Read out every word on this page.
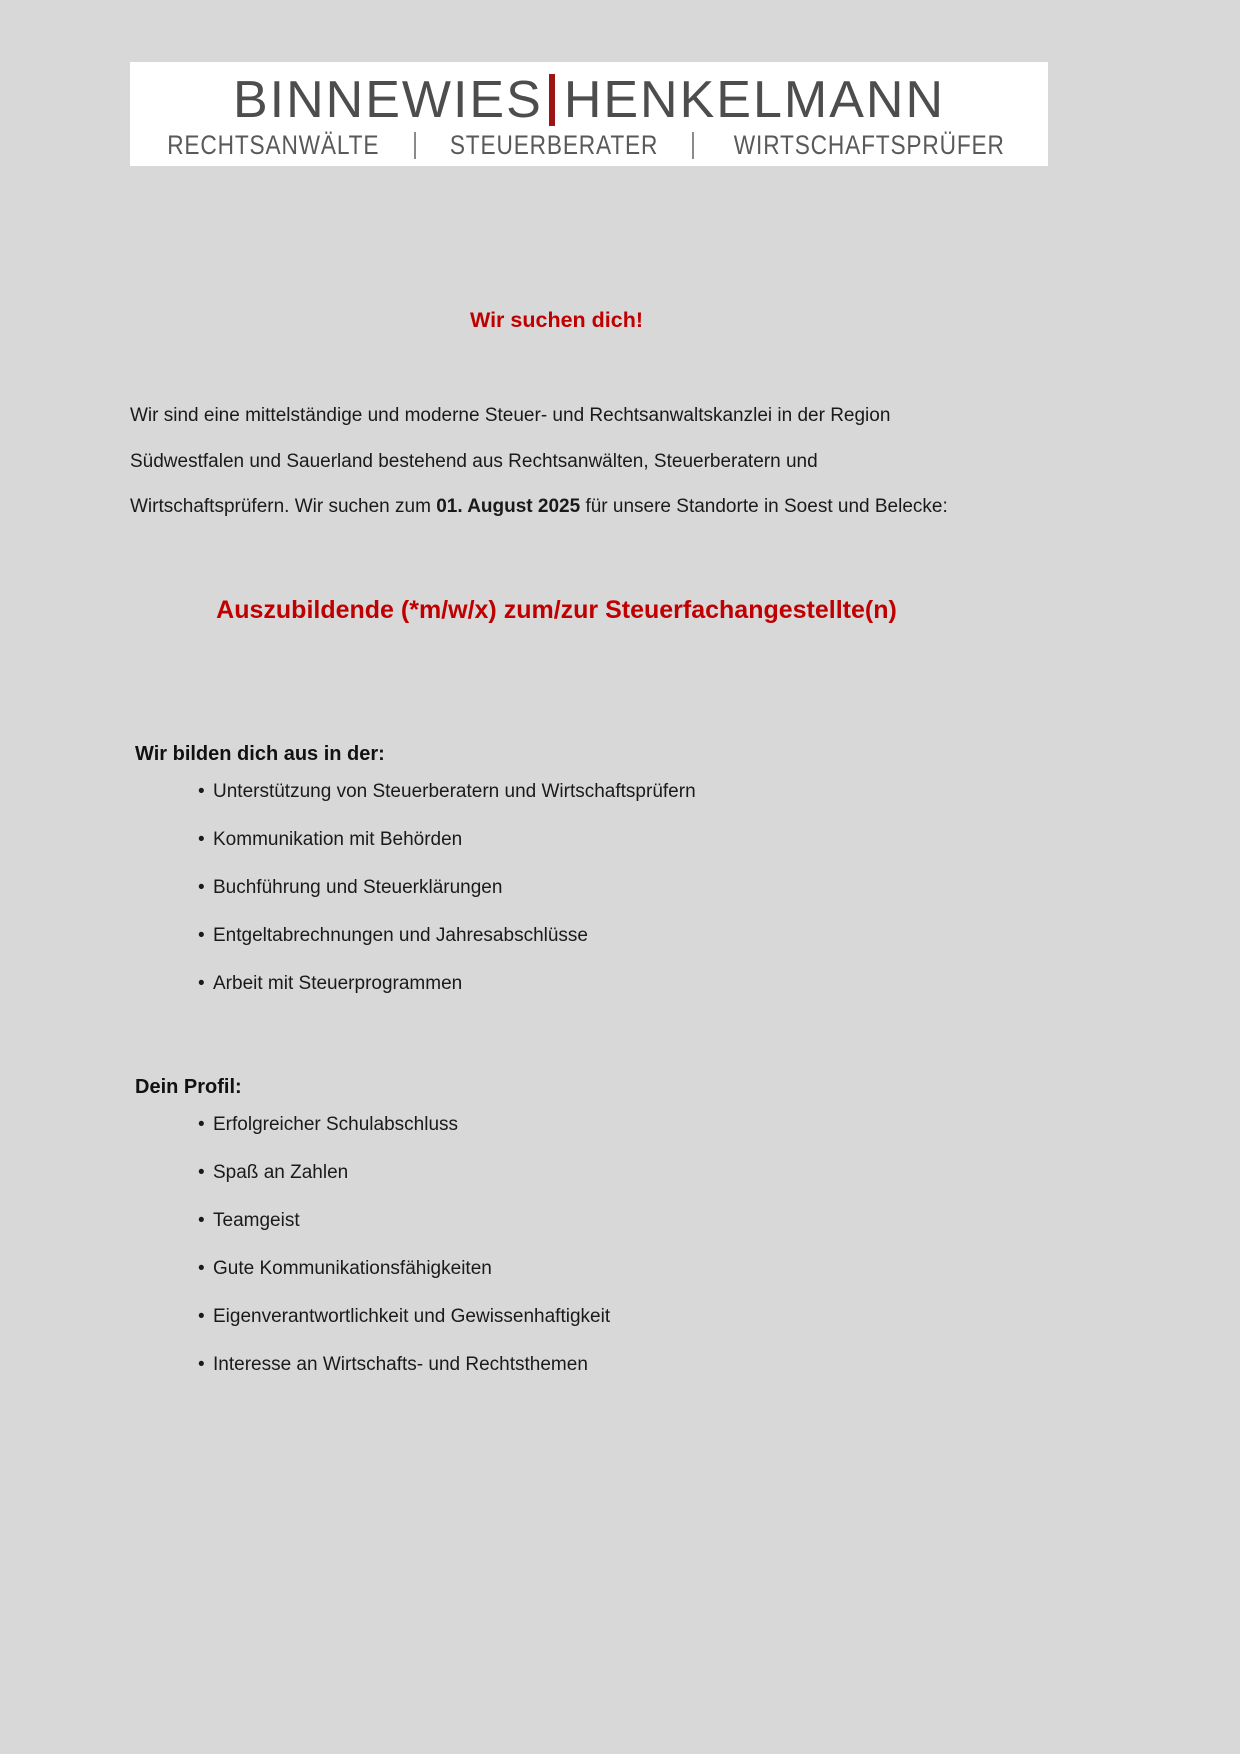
BINNEWIES HENKELMANN
RECHTSANWÄLTE	STEUERBERATER	WIRTSCHAFTSPRÜFER
Wir suchen dich!

Wir sind eine mittelständige und moderne Steuer- und Rechtsanwaltskanzlei in der Region
Südwestfalen und Sauerland bestehend aus Rechtsanwälten, Steuerberatern und
Wirtschaftsprüfern. Wir suchen zum 01. August 2025 für unsere Standorte in Soest und Belecke:

Auszubildende (*m/w/x) zum/zur Steuerfachangestellte(n)
Wir bilden dich aus in der:
• Unterstützung von Steuerberatern und Wirtschaftsprüfern
• Kommunikation mit Behörden
• Buchführung und Steuerklärungen
• Entgeltabrechnungen und Jahresabschlüsse
• Arbeit mit Steuerprogrammen
Dein Profil:
• Erfolgreicher Schulabschluss
• Spaß an Zahlen
• Teamgeist
• Gute Kommunikationsfähigkeiten
• Eigenverantwortlichkeit und Gewissenhaftigkeit
• Interesse an Wirtschafts- und Rechtsthemen
